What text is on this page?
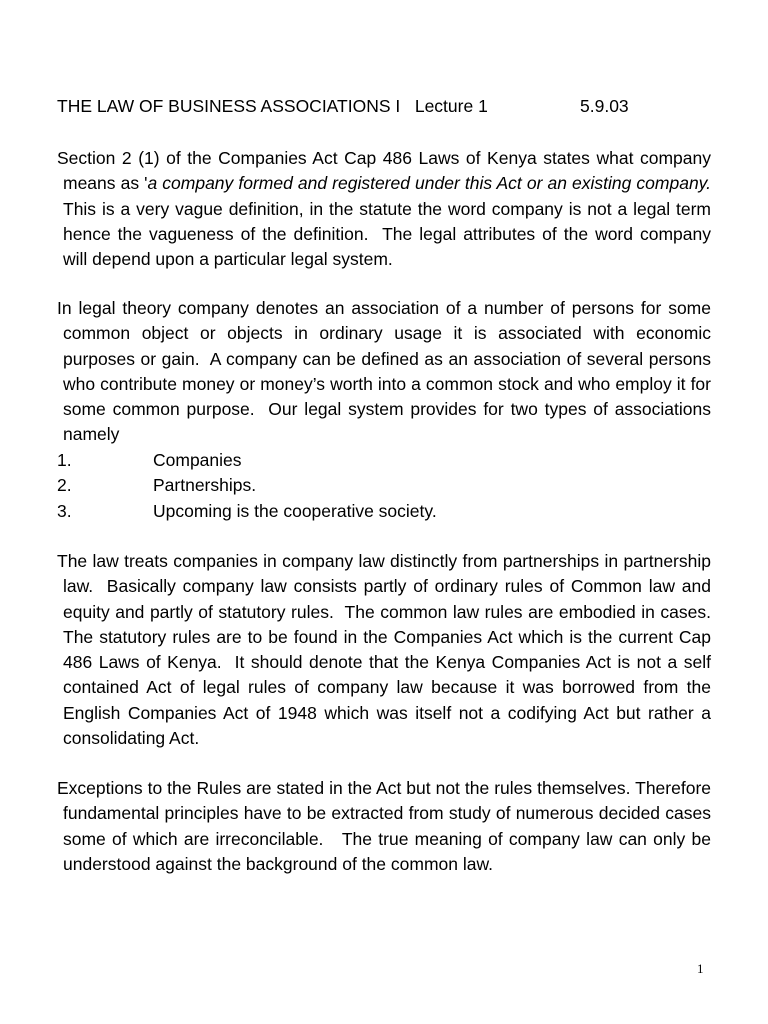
THE LAW OF BUSINESS ASSOCIATIONS I   Lecture 1	5.9.03

Section 2 (1) of the Companies Act Cap 486 Laws of Kenya states what company means as 'a company formed and registered under this Act or an existing company.  This is a very vague definition, in the statute the word company is not a legal term hence the vagueness of the definition.  The legal attributes of the word company will depend upon a particular legal system.

In legal theory company denotes an association of a number of persons for some common object or objects in ordinary usage it is associated with economic purposes or gain.  A company can be defined as an association of several persons who contribute money or money’s worth into a common stock and who employ it for some common purpose.  Our legal system provides for two types of associations namely

1.	Companies
2.	Partnerships.
3.	Upcoming is the cooperative society.

The law treats companies in company law distinctly from partnerships in partnership law.  Basically company law consists partly of ordinary rules of Common law and equity and partly of statutory rules.  The common law rules are embodied in cases.  The statutory rules are to be found in the Companies Act which is the current Cap 486 Laws of Kenya.  It should denote that the Kenya Companies Act is not a self contained Act of legal rules of company law because it was borrowed from the English Companies Act of 1948 which was itself not a codifying Act but rather a consolidating Act.

Exceptions to the Rules are stated in the Act but not the rules themselves. Therefore fundamental principles have to be extracted from study of numerous decided cases some of which are irreconcilable.   The true meaning of company law can only be understood against the background of the common law.

1
